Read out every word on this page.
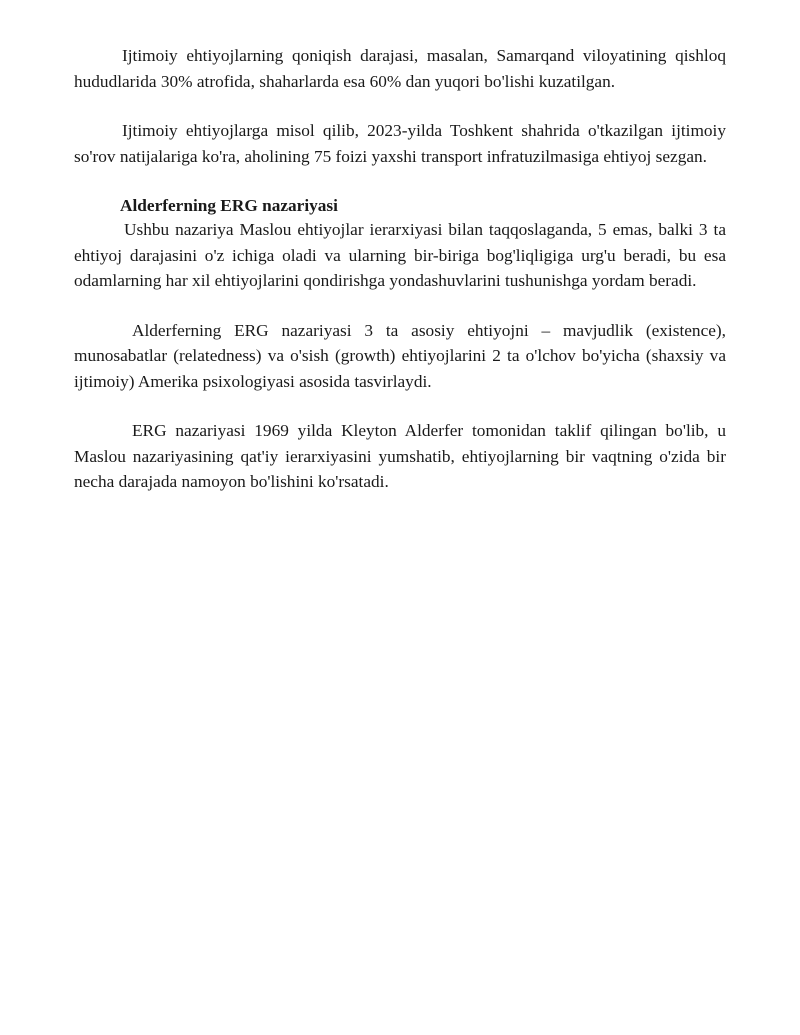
Ijtimoiy ehtiyojlarning qoniqish darajasi, masalan, Samarqand viloyatining qishloq hududlarida 30% atrofida, shaharlarda esa 60% dan yuqori bo'lishi kuzatilgan.

Ijtimoiy ehtiyojlarga misol qilib, 2023-yilda Toshkent shahrida o'tkazilgan ijtimoiy so'rov natijalariga ko'ra, aholining 75 foizi yaxshi transport infratuzilmasiga ehtiyoj sezgan.

Alderferning ERG nazariyasi

Ushbu nazariya Maslou ehtiyojlar ierarxiyasi bilan taqqoslaganda, 5 emas, balki 3 ta ehtiyoj darajasini o'z ichiga oladi va ularning bir-biriga bog'liqligiga urg'u beradi, bu esa odamlarning har xil ehtiyojlarini qondirishga yondashuvlarini tushunishga yordam beradi.

Alderferning ERG nazariyasi 3 ta asosiy ehtiyojni – mavjudlik (existence), munosabatlar (relatedness) va o'sish (growth) ehtiyojlarini 2 ta o'lchov bo'yicha (shaxsiy va ijtimoiy) Amerika psixologiyasi asosida tasvirlaydi.

ERG nazariyasi 1969 yilda Kleyton Alderfer tomonidan taklif qilingan bo'lib, u Maslou nazariyasining qat'iy ierarxiyasini yumshatib, ehtiyojlarning bir vaqtning o'zida bir necha darajada namoyon bo'lishini ko'rsatadi.
